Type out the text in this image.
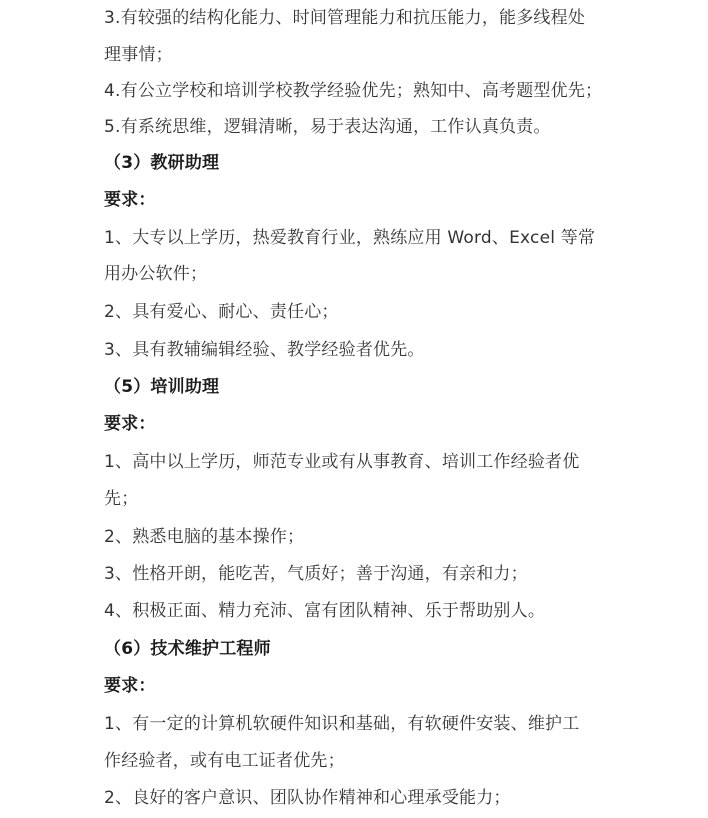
3.有较强的结构化能力、时间管理能力和抗压能力，能多线程处
理事情；
4.有公立学校和培训学校教学经验优先；熟知中、高考题型优先；
5.有系统思维，逻辑清晰，易于表达沟通，工作认真负责。
（3）教研助理
要求：
1、大专以上学历，热爱教育行业，熟练应用 Word、Excel 等常
用办公软件；
2、具有爱心、耐心、责任心；
3、具有教辅编辑经验、教学经验者优先。
（5）培训助理
要求：
1、高中以上学历，师范专业或有从事教育、培训工作经验者优
先；
2、熟悉电脑的基本操作；
3、性格开朗，能吃苦，气质好；善于沟通，有亲和力；
4、积极正面、精力充沛、富有团队精神、乐于帮助别人。
（6）技术维护工程师
要求：
1、有一定的计算机软硬件知识和基础，有软硬件安装、维护工
作经验者，或有电工证者优先；
2、良好的客户意识、团队协作精神和心理承受能力；
